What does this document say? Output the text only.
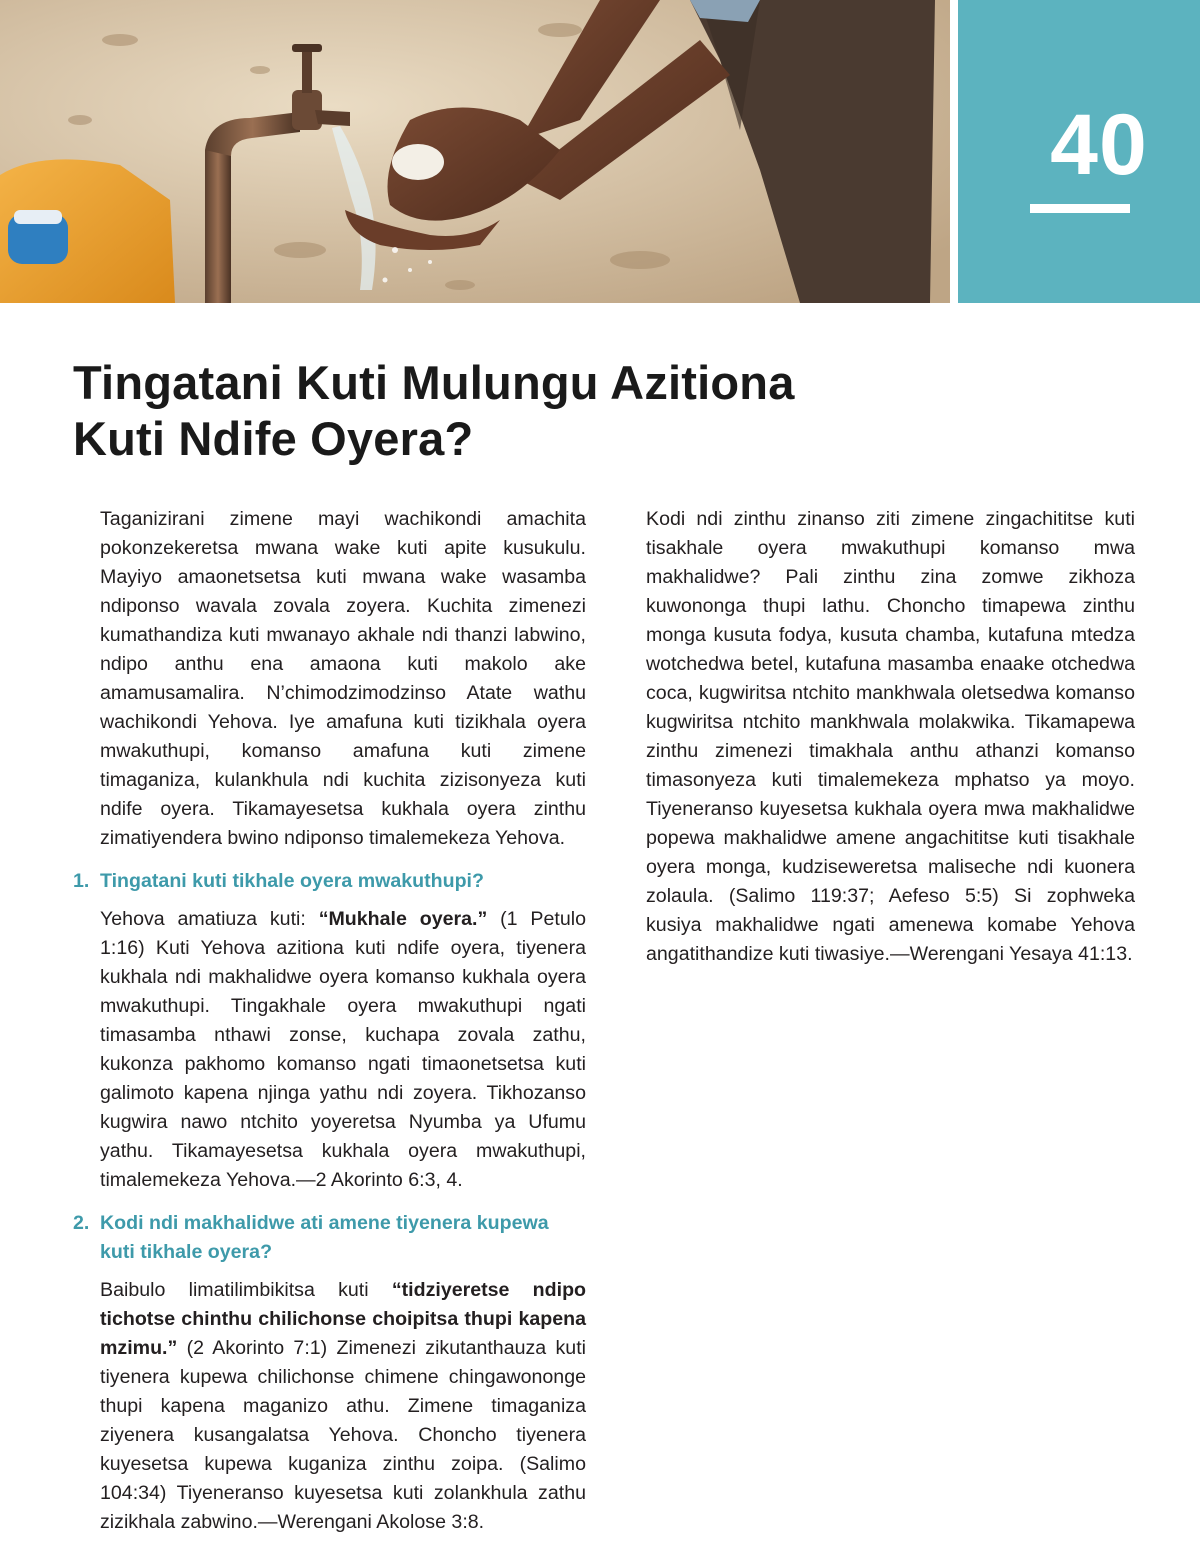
40
Tingatani Kuti Mulungu Azitiona
Kuti Ndife Oyera?

Taganizirani zimene mayi wachikondi amachita pokonzekeretsa mwana wake kuti apite kusukulu. Mayiyo amaonetsetsa kuti mwana wake wasamba ndiponso wavala zovala zoyera. Kuchita zimenezi kumathandiza kuti mwanayo akhale ndi thanzi labwino, ndipo anthu ena amaona kuti makolo ake amamusamalira. N’chimodzimodzinso Atate wathu wachikondi Yehova. Iye amafuna kuti tizikhala oyera mwakuthupi, komanso amafuna kuti zimene timaganiza, kulankhula ndi kuchita zizisonyeza kuti ndife oyera. Tikamayesetsa kukhala oyera zinthu zimatiyendera bwino ndiponso timalemekeza Yehova.

1. Tingatani kuti tikhale oyera mwakuthupi?

Yehova amatiuza kuti: “Mukhale oyera.” (1 Petulo 1:16) Kuti Yehova azitiona kuti ndife oyera, tiyenera kukhala ndi makhalidwe oyera komanso kukhala oyera mwakuthupi. Tingakhale oyera mwakuthupi ngati timasamba nthawi zonse, kuchapa zovala zathu, kukonza pakhomo komanso ngati timaonetsetsa kuti galimoto kapena njinga yathu ndi zoyera. Tikhozanso kugwira nawo ntchito yoyeretsa Nyumba ya Ufumu yathu. Tikamayesetsa kukhala oyera mwakuthupi, timalemekeza Yehova.—2 Akorinto 6:3, 4.

2. Kodi ndi makhalidwe ati amene tiyenera kupewa kuti tikhale oyera?

Baibulo limatilimbikitsa kuti “tidziyeretse ndipo tichotse chinthu chilichonse choipitsa thupi kapena mzimu.” (2 Akorinto 7:1) Zimenezi zikutanthauza kuti tiyenera kupewa chilichonse chimene chingawononge thupi kapena maganizo athu. Zimene timaganiza ziyenera kusangalatsa Yehova. Choncho tiyenera kuyesetsa kupewa kuganiza zinthu zoipa. (Salimo 104:34) Tiyeneranso kuyesetsa kuti zolankhula zathu zizikhala zabwino.—Werengani Akolose 3:8.

Kodi ndi zinthu zinanso ziti zimene zingachititse kuti tisakhale oyera mwakuthupi komanso mwa makhalidwe? Pali zinthu zina zomwe zikhoza kuwononga thupi lathu. Choncho timapewa zinthu monga kusuta fodya, kusuta chamba, kutafuna mtedza wotchedwa betel, kutafuna masamba enaake otchedwa coca, kugwiritsa ntchito mankhwala oletsedwa komanso kugwiritsa ntchito mankhwala molakwika. Tikamapewa zinthu zimenezi timakhala anthu athanzi komanso timasonyeza kuti timalemekeza mphatso ya moyo. Tiyeneranso kuyesetsa kukhala oyera mwa makhalidwe popewa makhalidwe amene angachititse kuti tisakhale oyera monga, kudziseweretsa maliseche ndi kuonera zolaula. (Salimo 119:37; Aefeso 5:5) Si zophweka kusiya makhalidwe ngati amenewa komabe Yehova angatithandize kuti tiwasiye.—Werengani Yesaya 41:13.
